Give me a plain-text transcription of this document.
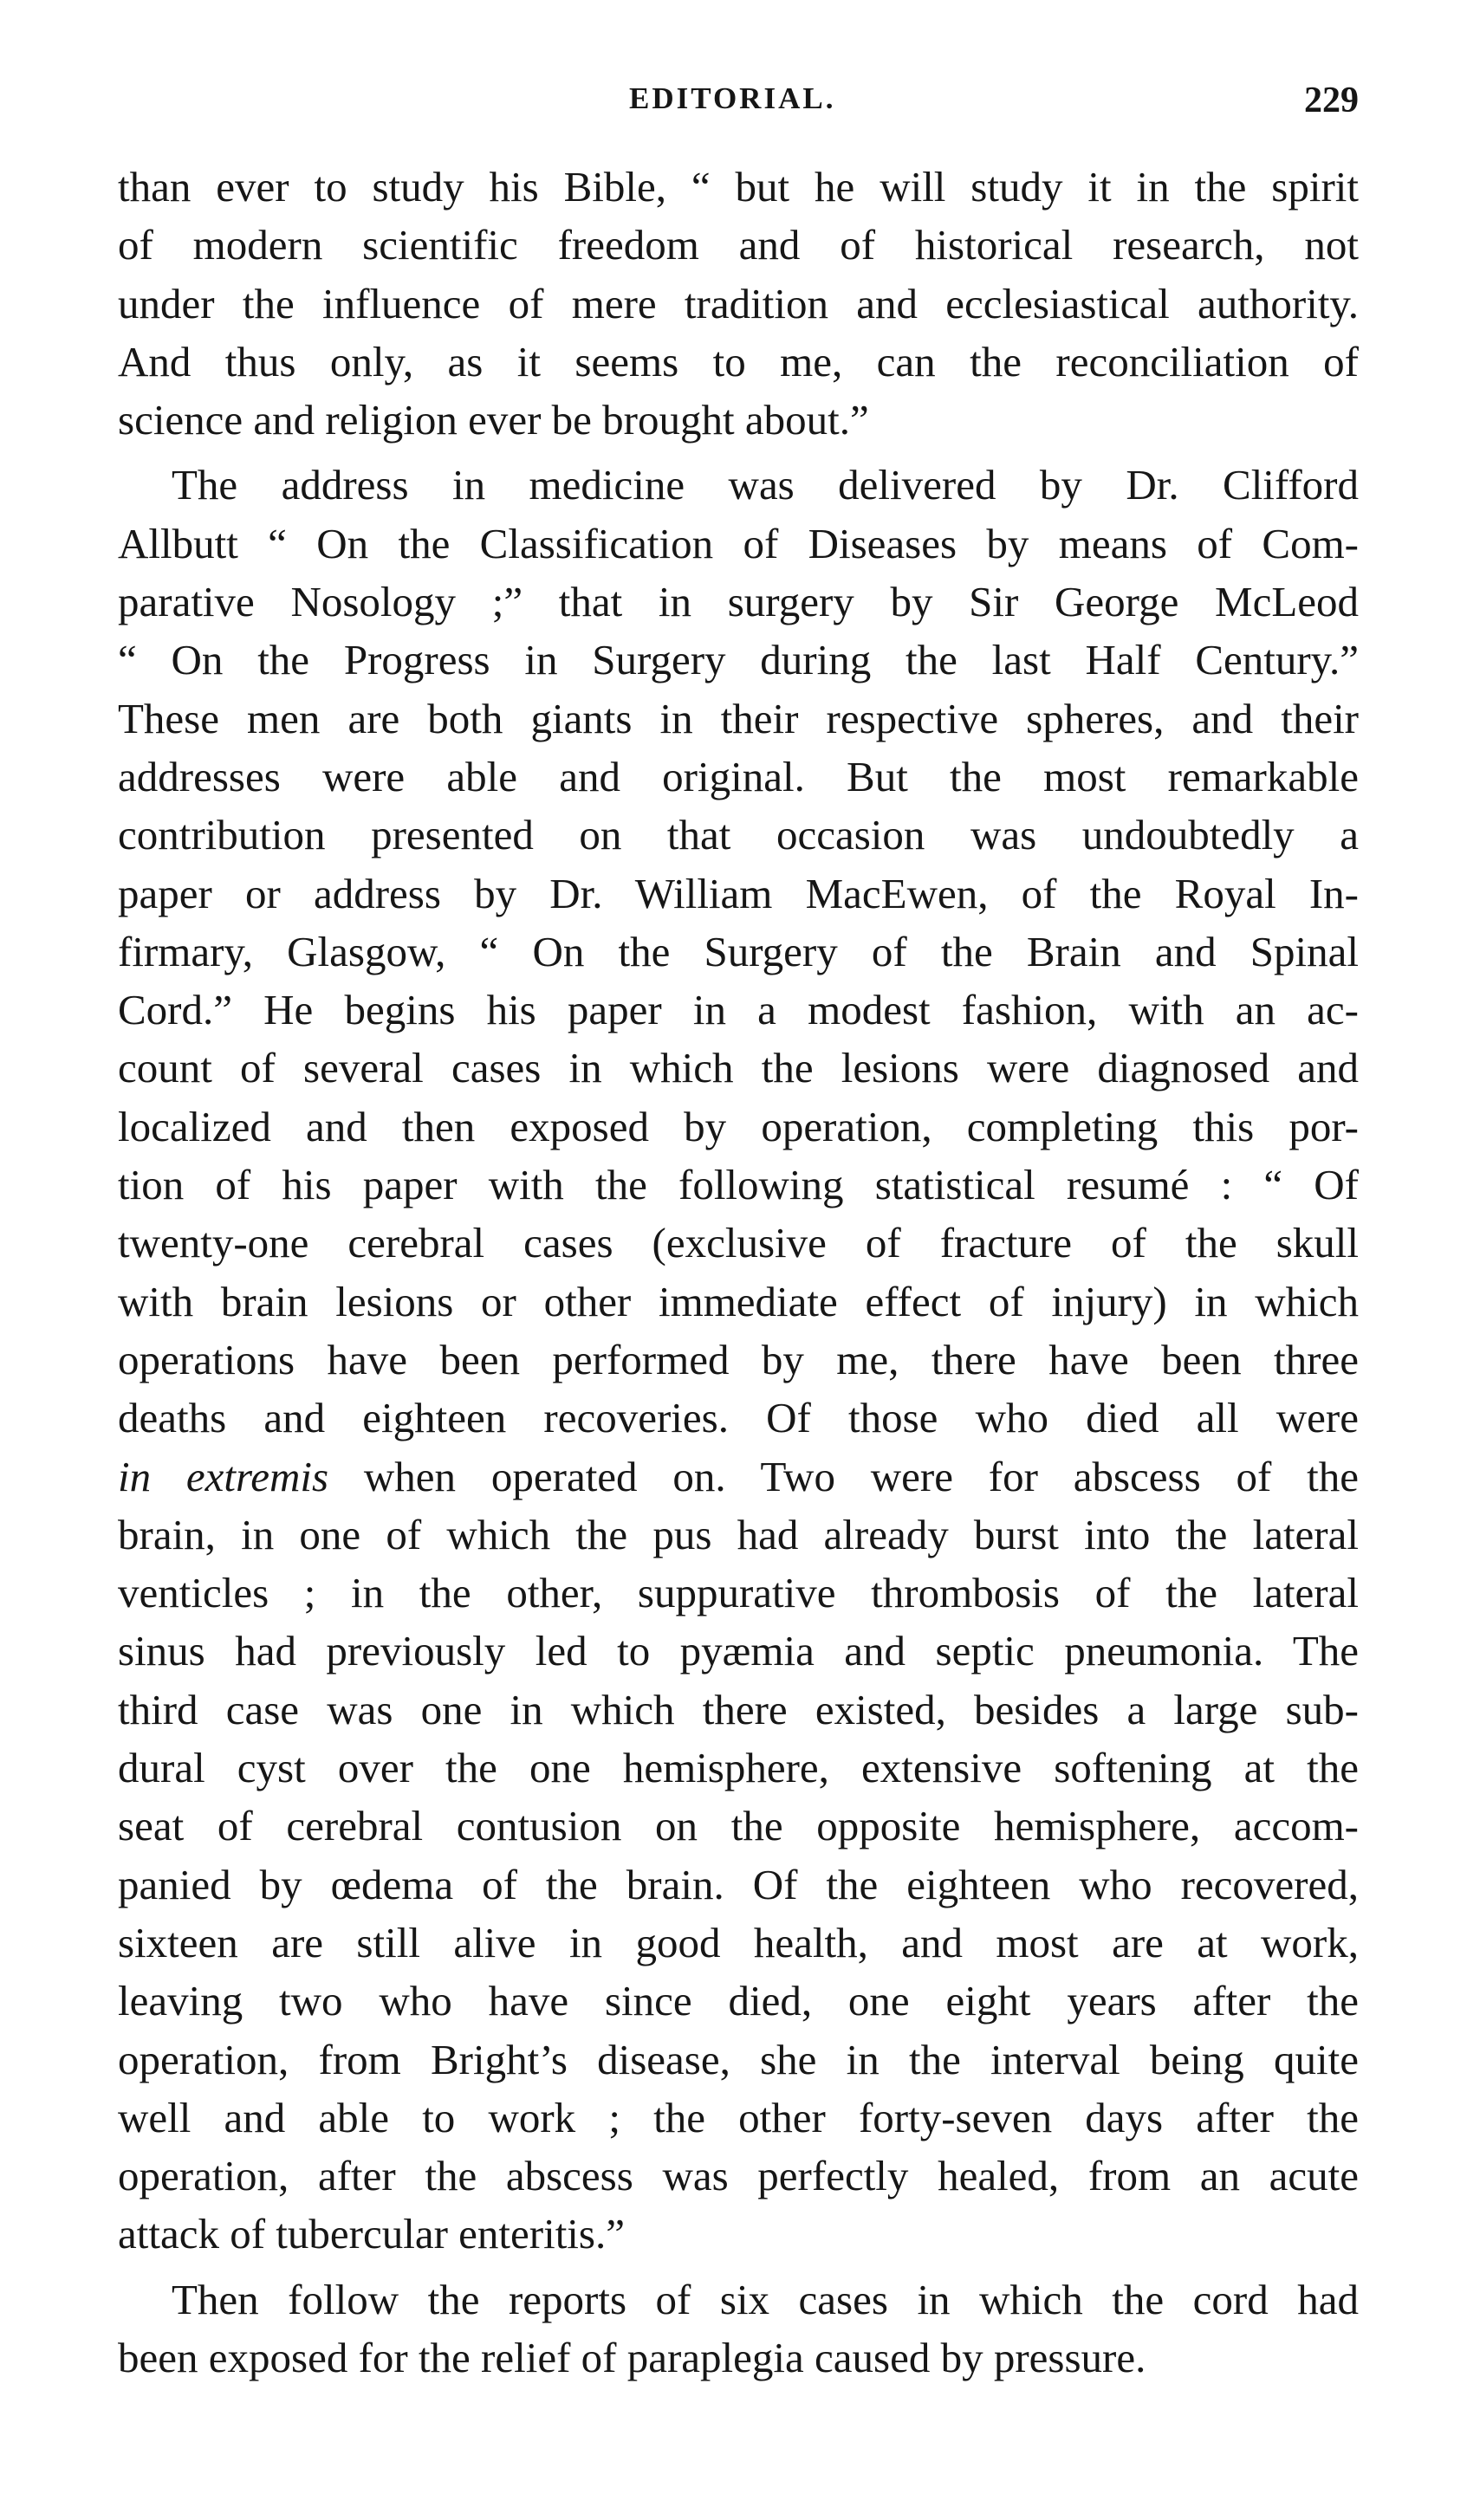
EDITORIAL.	229
than ever to study his Bible, “ but he will study it in the spirit
of modern scientific freedom and of historical research, not
under the influence of mere tradition and ecclesiastical authority.
And thus only, as it seems to me, can the reconciliation of
science and religion ever be brought about.”
The address in medicine was delivered by Dr. Clifford
Allbutt “ On the Classification of Diseases by means of Com-
parative Nosology ;” that in surgery by Sir George McLeod
“ On the Progress in Surgery during the last Half Century.”
These men are both giants in their respective spheres, and their
addresses were able and original. But the most remarkable
contribution presented on that occasion was undoubtedly a
paper or address by Dr. William MacEwen, of the Royal In-
firmary, Glasgow, “ On the Surgery of the Brain and Spinal
Cord.” He begins his paper in a modest fashion, with an ac-
count of several cases in which the lesions were diagnosed and
localized and then exposed by operation, completing this por-
tion of his paper with the following statistical resumé : “ Of
twenty-one cerebral cases (exclusive of fracture of the skull
with brain lesions or other immediate effect of injury) in which
operations have been performed by me, there have been three
deaths and eighteen recoveries. Of those who died all were
in extremis when operated on. Two were for abscess of the
brain, in one of which the pus had already burst into the lateral
venticles ; in the other, suppurative thrombosis of the lateral
sinus had previously led to pyæmia and septic pneumonia. The
third case was one in which there existed, besides a large sub-
dural cyst over the one hemisphere, extensive softening at the
seat of cerebral contusion on the opposite hemisphere, accom-
panied by œdema of the brain. Of the eighteen who recovered,
sixteen are still alive in good health, and most are at work,
leaving two who have since died, one eight years after the
operation, from Bright’s disease, she in the interval being quite
well and able to work ; the other forty-seven days after the
operation, after the abscess was perfectly healed, from an acute
attack of tubercular enteritis.”
Then follow the reports of six cases in which the cord had
been exposed for the relief of paraplegia caused by pressure.
